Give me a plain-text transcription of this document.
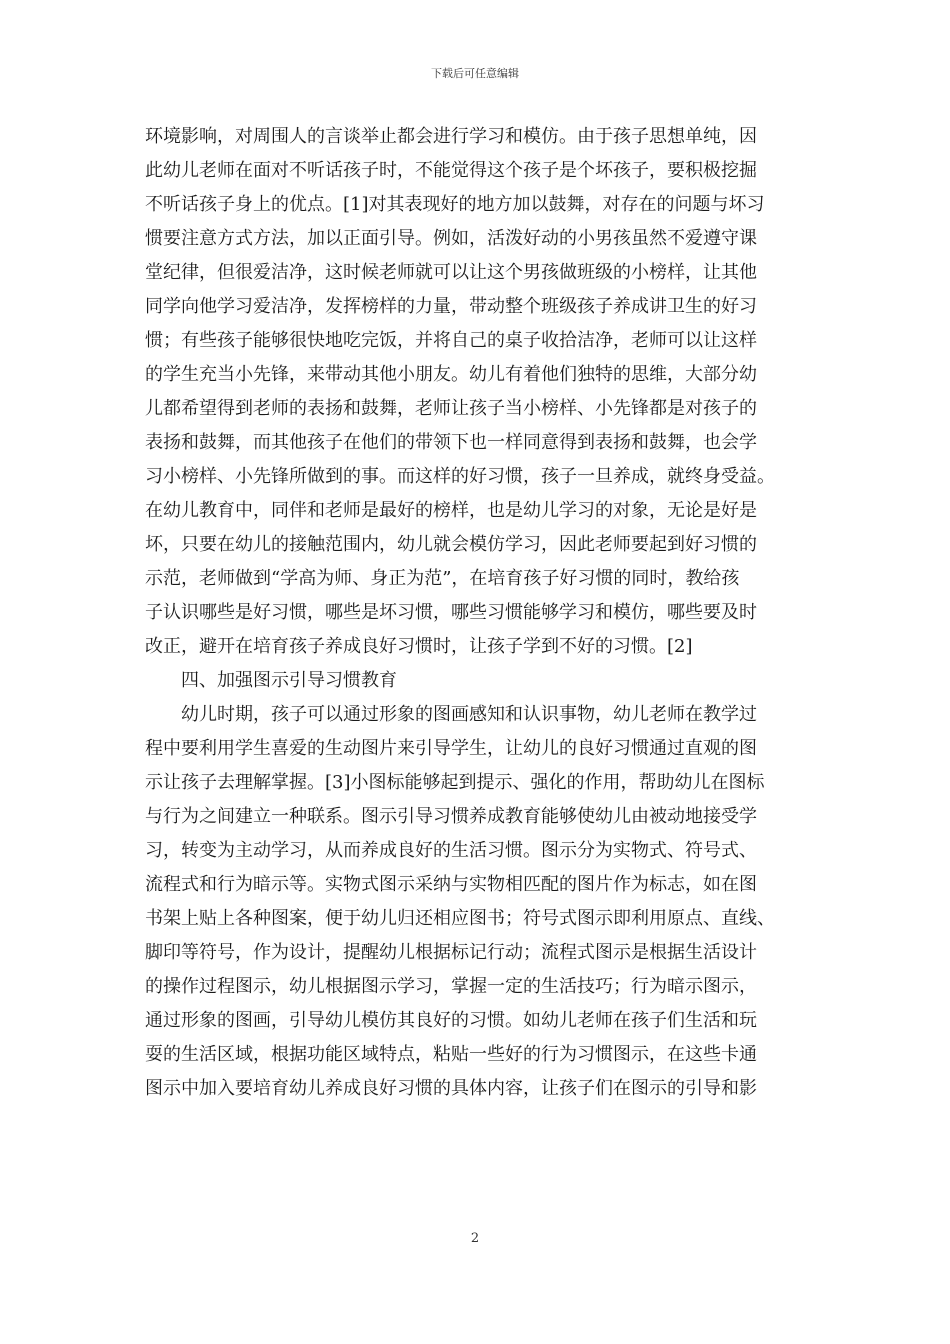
下载后可任意编辑
环境影响，对周围人的言谈举止都会进行学习和模仿。由于孩子思想单纯，因
此幼儿老师在面对不听话孩子时，不能觉得这个孩子是个坏孩子，要积极挖掘
不听话孩子身上的优点。[1]对其表现好的地方加以鼓舞，对存在的问题与坏习
惯要注意方式方法，加以正面引导。例如，活泼好动的小男孩虽然不爱遵守课
堂纪律，但很爱洁净，这时候老师就可以让这个男孩做班级的小榜样，让其他
同学向他学习爱洁净，发挥榜样的力量，带动整个班级孩子养成讲卫生的好习
惯；有些孩子能够很快地吃完饭，并将自己的桌子收拾洁净，老师可以让这样
的学生充当小先锋，来带动其他小朋友。幼儿有着他们独特的思维，大部分幼
儿都希望得到老师的表扬和鼓舞，老师让孩子当小榜样、小先锋都是对孩子的
表扬和鼓舞，而其他孩子在他们的带领下也一样同意得到表扬和鼓舞，也会学
习小榜样、小先锋所做到的事。而这样的好习惯，孩子一旦养成，就终身受益。
在幼儿教育中，同伴和老师是最好的榜样，也是幼儿学习的对象，无论是好是
坏，只要在幼儿的接触范围内，幼儿就会模仿学习，因此老师要起到好习惯的
示范，老师做到“学高为师、身正为范”，在培育孩子好习惯的同时，教给孩
子认识哪些是好习惯，哪些是坏习惯，哪些习惯能够学习和模仿，哪些要及时
改正，避开在培育孩子养成良好习惯时，让孩子学到不好的习惯。[2]
四、加强图示引导习惯教育
幼儿时期，孩子可以通过形象的图画感知和认识事物，幼儿老师在教学过
程中要利用学生喜爱的生动图片来引导学生，让幼儿的良好习惯通过直观的图
示让孩子去理解掌握。[3]小图标能够起到提示、强化的作用，帮助幼儿在图标
与行为之间建立一种联系。图示引导习惯养成教育能够使幼儿由被动地接受学
习，转变为主动学习，从而养成良好的生活习惯。图示分为实物式、符号式、
流程式和行为暗示等。实物式图示采纳与实物相匹配的图片作为标志，如在图
书架上贴上各种图案，便于幼儿归还相应图书；符号式图示即利用原点、直线、
脚印等符号，作为设计，提醒幼儿根据标记行动；流程式图示是根据生活设计
的操作过程图示，幼儿根据图示学习，掌握一定的生活技巧；行为暗示图示，
通过形象的图画，引导幼儿模仿其良好的习惯。如幼儿老师在孩子们生活和玩
耍的生活区域，根据功能区域特点，粘贴一些好的行为习惯图示，在这些卡通
图示中加入要培育幼儿养成良好习惯的具体内容，让孩子们在图示的引导和影
2
